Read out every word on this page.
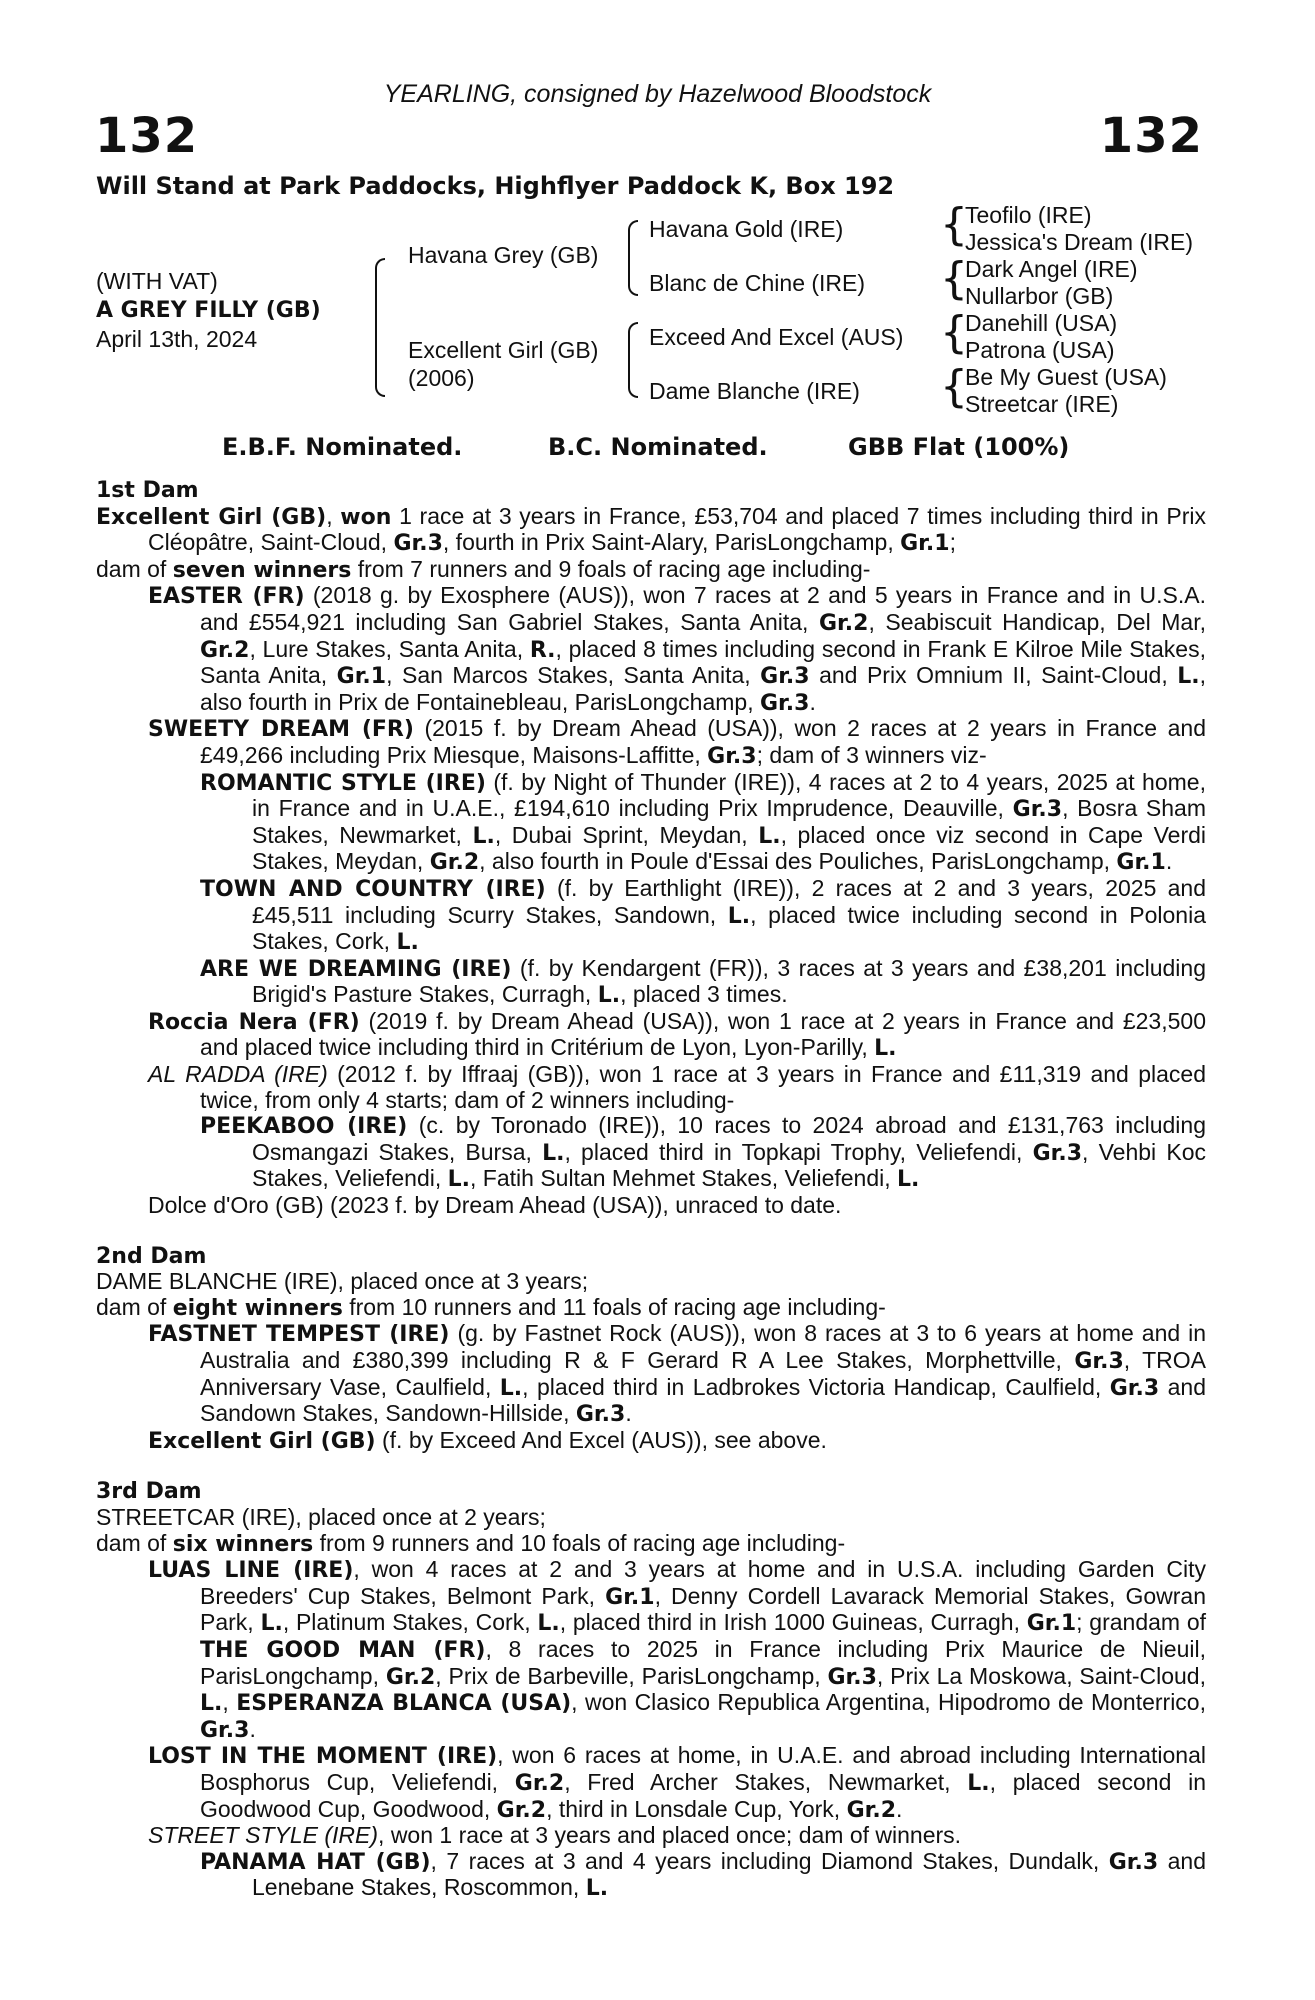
YEARLING, consigned by Hazelwood Bloodstock
132	132
Will Stand at Park Paddocks, Highflyer Paddock K, Box 192
(WITH VAT)
A GREY FILLY (GB)
April 13th, 2024
Havana Grey (GB)
Excellent Girl (GB)
(2006)
Havana Gold (IRE)
Blanc de Chine (IRE)
Exceed And Excel (AUS)
Dame Blanche (IRE)
{
{
{
{
Teofilo (IRE)
Jessica's Dream (IRE)
Dark Angel (IRE)
Nullarbor (GB)
Danehill (USA)
Patrona (USA)
Be My Guest (USA)
Streetcar (IRE)
E.B.F. Nominated.	B.C. Nominated.	GBB Flat (100%)
1st Dam
Excellent Girl (GB), won 1 race at 3 years in France, £53,704 and placed 7 times including third in Prix Cléopâtre, Saint-Cloud, Gr.3, fourth in Prix Saint-Alary, ParisLongchamp, Gr.1;
dam of seven winners from 7 runners and 9 foals of racing age including-
EASTER (FR) (2018 g. by Exosphere (AUS)), won 7 races at 2 and 5 years in France and in U.S.A. and £554,921 including San Gabriel Stakes, Santa Anita, Gr.2, Seabiscuit Handicap, Del Mar, Gr.2, Lure Stakes, Santa Anita, R., placed 8 times including second in Frank E Kilroe Mile Stakes, Santa Anita, Gr.1, San Marcos Stakes, Santa Anita, Gr.3 and Prix Omnium II, Saint-Cloud, L., also fourth in Prix de Fontainebleau, ParisLongchamp, Gr.3.
SWEETY DREAM (FR) (2015 f. by Dream Ahead (USA)), won 2 races at 2 years in France and £49,266 including Prix Miesque, Maisons-Laffitte, Gr.3; dam of 3 winners viz-
ROMANTIC STYLE (IRE) (f. by Night of Thunder (IRE)), 4 races at 2 to 4 years, 2025 at home, in France and in U.A.E., £194,610 including Prix Imprudence, Deauville, Gr.3, Bosra Sham Stakes, Newmarket, L., Dubai Sprint, Meydan, L., placed once viz second in Cape Verdi Stakes, Meydan, Gr.2, also fourth in Poule d'Essai des Pouliches, ParisLongchamp, Gr.1.
TOWN AND COUNTRY (IRE) (f. by Earthlight (IRE)), 2 races at 2 and 3 years, 2025 and £45,511 including Scurry Stakes, Sandown, L., placed twice including second in Polonia Stakes, Cork, L.
ARE WE DREAMING (IRE) (f. by Kendargent (FR)), 3 races at 3 years and £38,201 including Brigid's Pasture Stakes, Curragh, L., placed 3 times.
Roccia Nera (FR) (2019 f. by Dream Ahead (USA)), won 1 race at 2 years in France and £23,500 and placed twice including third in Critérium de Lyon, Lyon-Parilly, L.
AL RADDA (IRE) (2012 f. by Iffraaj (GB)), won 1 race at 3 years in France and £11,319 and placed twice, from only 4 starts; dam of 2 winners including-
PEEKABOO (IRE) (c. by Toronado (IRE)), 10 races to 2024 abroad and £131,763 including Osmangazi Stakes, Bursa, L., placed third in Topkapi Trophy, Veliefendi, Gr.3, Vehbi Koc Stakes, Veliefendi, L., Fatih Sultan Mehmet Stakes, Veliefendi, L.
Dolce d'Oro (GB) (2023 f. by Dream Ahead (USA)), unraced to date.
2nd Dam
DAME BLANCHE (IRE), placed once at 3 years;
dam of eight winners from 10 runners and 11 foals of racing age including-
FASTNET TEMPEST (IRE) (g. by Fastnet Rock (AUS)), won 8 races at 3 to 6 years at home and in Australia and £380,399 including R & F Gerard R A Lee Stakes, Morphettville, Gr.3, TROA Anniversary Vase, Caulfield, L., placed third in Ladbrokes Victoria Handicap, Caulfield, Gr.3 and Sandown Stakes, Sandown-Hillside, Gr.3.
Excellent Girl (GB) (f. by Exceed And Excel (AUS)), see above.
3rd Dam
STREETCAR (IRE), placed once at 2 years;
dam of six winners from 9 runners and 10 foals of racing age including-
LUAS LINE (IRE), won 4 races at 2 and 3 years at home and in U.S.A. including Garden City Breeders' Cup Stakes, Belmont Park, Gr.1, Denny Cordell Lavarack Memorial Stakes, Gowran Park, L., Platinum Stakes, Cork, L., placed third in Irish 1000 Guineas, Curragh, Gr.1; grandam of THE GOOD MAN (FR), 8 races to 2025 in France including Prix Maurice de Nieuil, ParisLongchamp, Gr.2, Prix de Barbeville, ParisLongchamp, Gr.3, Prix La Moskowa, Saint-Cloud, L., ESPERANZA BLANCA (USA), won Clasico Republica Argentina, Hipodromo de Monterrico, Gr.3.
LOST IN THE MOMENT (IRE), won 6 races at home, in U.A.E. and abroad including International Bosphorus Cup, Veliefendi, Gr.2, Fred Archer Stakes, Newmarket, L., placed second in Goodwood Cup, Goodwood, Gr.2, third in Lonsdale Cup, York, Gr.2.
STREET STYLE (IRE), won 1 race at 3 years and placed once; dam of winners.
PANAMA HAT (GB), 7 races at 3 and 4 years including Diamond Stakes, Dundalk, Gr.3 and Lenebane Stakes, Roscommon, L.
